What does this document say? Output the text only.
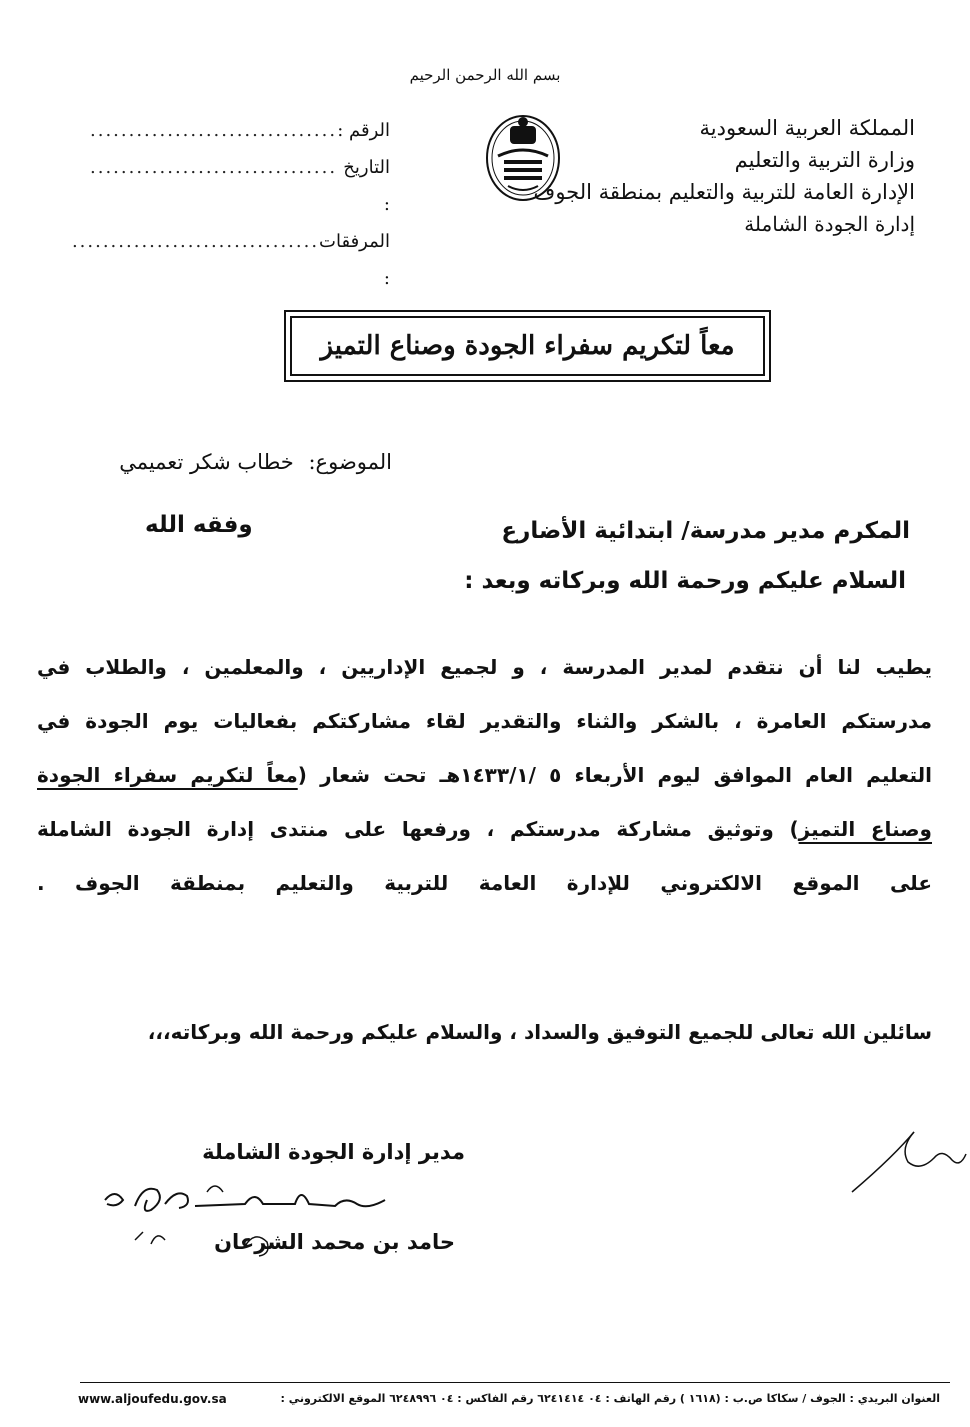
بسم الله الرحمن الرحيم
المملكة العربية السعودية
وزارة التربية والتعليم
الإدارة العامة للتربية والتعليم بمنطقة الجوف
إدارة الجودة الشاملة
الرقم :
................................
التاريخ :
................................
المرفقات :
................................
معاً لتكريم سفراء الجودة وصناع التميز
الموضوع: خطاب شكر تعميمي
المكرم مدير مدرسة/ ابتدائية الأضارع
وفقه الله
السلام عليكم ورحمة الله وبركاته وبعد :
يطيب لنا أن نتقدم لمدير المدرسة ، و لجميع الإداريين ، والمعلمين ، والطلاب في
مدرستكم العامرة ، بالشكر والثناء والتقدير لقاء مشاركتكم بفعاليات يوم الجودة في
التعليم العام الموافق ليوم الأربعاء ٥ /١٤٣٣/١هـ تحت شعار (معاً لتكريم سفراء الجودة
وصناع التميز) وتوثيق مشاركة مدرستكم ، ورفعها على منتدى إدارة الجودة الشاملة
على الموقع الالكتروني للإدارة العامة للتربية والتعليم بمنطقة الجوف .
سائلين الله تعالى للجميع التوفيق والسداد ، والسلام عليكم ورحمة الله وبركاته،،،
مدير إدارة الجودة الشاملة
حامد بن محمد الشرعان
العنوان البريدي : الجوف / سكاكا ص.ب : (١٦١٨ ) رقم الهاتف : ٠٤ ٦٢٤١٤١٤ رقم الفاكس : ٠٤ ٦٢٤٨٩٩٦ الموقع الالكتروني :
www.aljoufedu.gov.sa
